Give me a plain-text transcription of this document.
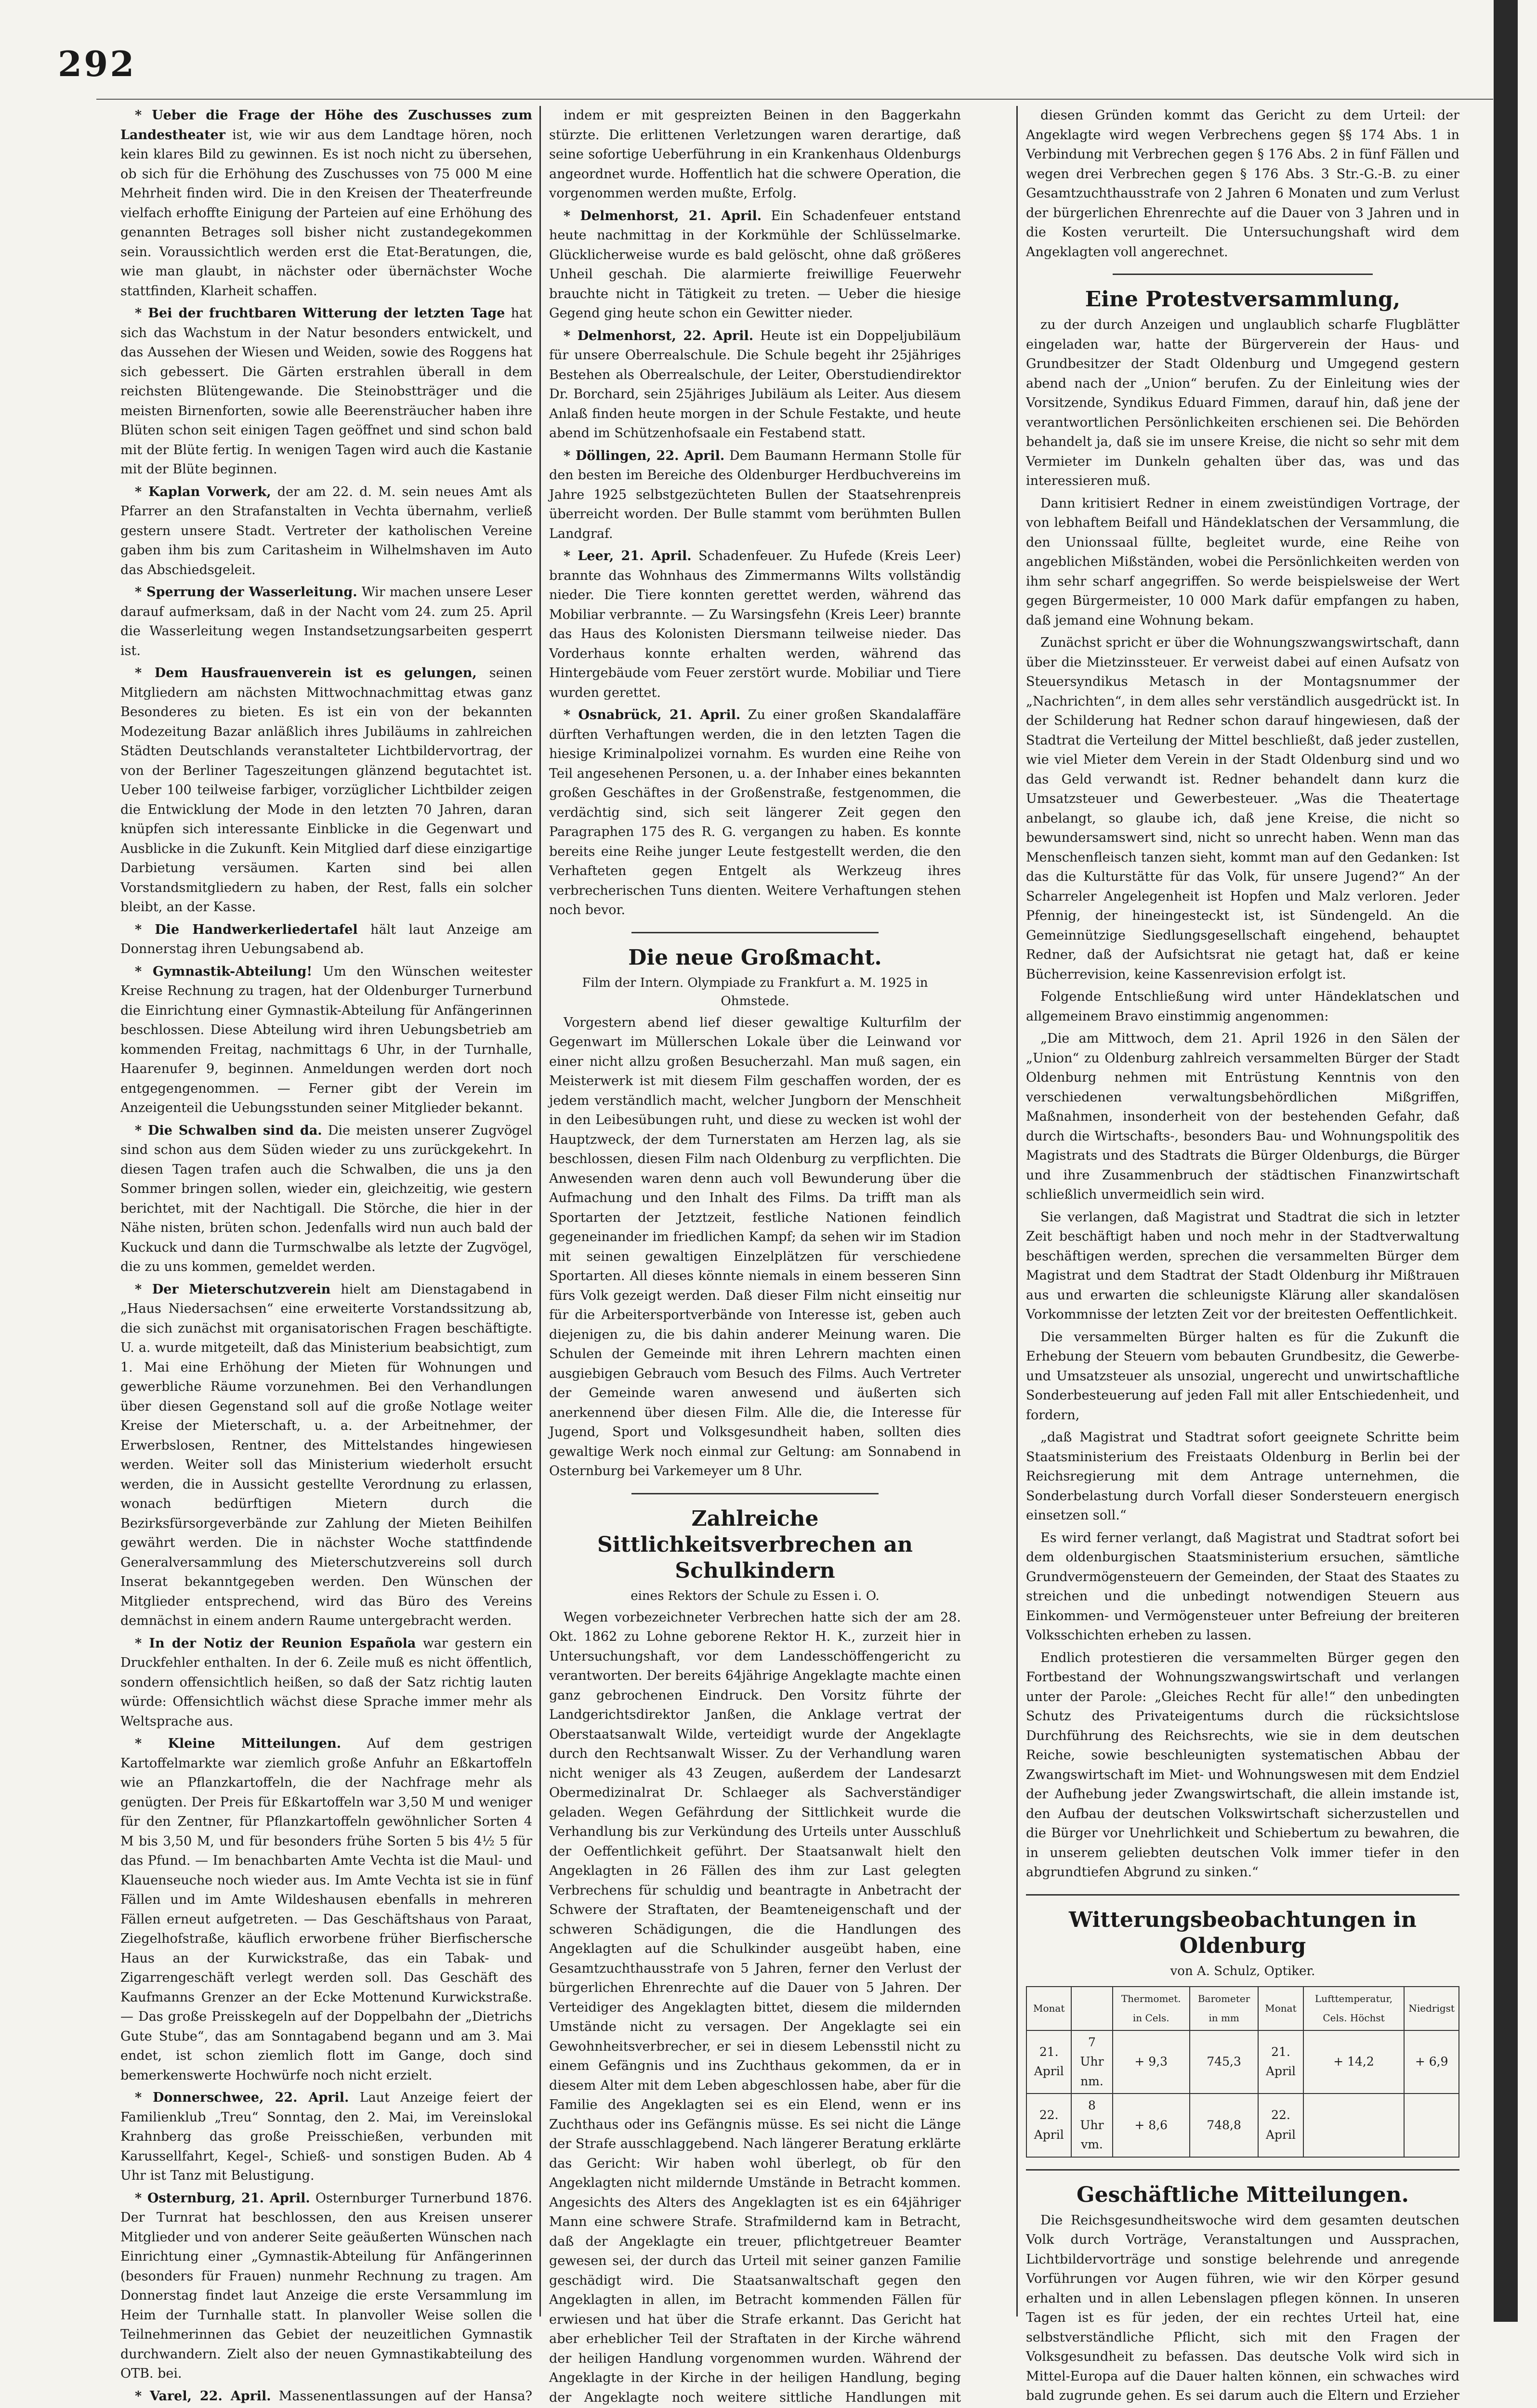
292

* Ueber die Frage der Höhe des Zuschusses zum Landestheater ist, wie wir aus dem Landtage hören, noch kein klares Bild zu gewinnen. Es ist noch nicht zu übersehen, ob sich für die Erhöhung des Zuschusses von 75 000 M eine Mehrheit finden wird. Die in den Kreisen der Theaterfreunde vielfach erhoffte Einigung der Parteien auf eine Erhöhung des genannten Betrages soll bisher nicht zustandegekommen sein. Voraussichtlich werden erst die Etat-Beratungen, die, wie man glaubt, in nächster oder übernächster Woche stattfinden, Klarheit schaffen.

* Bei der fruchtbaren Witterung der letzten Tage hat sich das Wachstum in der Natur besonders entwickelt, und das Aussehen der Wiesen und Weiden, sowie des Roggens hat sich gebessert. Die Gärten erstrahlen überall in dem reichsten Blütengewande. Die Steinobstträger und die meisten Birnenforten, sowie alle Beerensträucher haben ihre Blüten schon seit einigen Tagen geöffnet und sind schon bald mit der Blüte fertig. In wenigen Tagen wird auch die Kastanie mit der Blüte beginnen.

* Kaplan Vorwerk, der am 22. d. M. sein neues Amt als Pfarrer an den Strafanstalten in Vechta übernahm, verließ gestern unsere Stadt. Vertreter der katholischen Vereine gaben ihm bis zum Caritasheim in Wilhelmshaven im Auto das Abschiedsgeleit.

* Sperrung der Wasserleitung. Wir machen unsere Leser darauf aufmerksam, daß in der Nacht vom 24. zum 25. April die Wasserleitung wegen Instandsetzungsarbeiten gesperrt ist.

* Dem Hausfrauenverein ist es gelungen, seinen Mitgliedern am nächsten Mittwochnachmittag etwas ganz Besonderes zu bieten. Es ist ein von der bekannten Modezeitung Bazar anläßlich ihres Jubiläums in zahlreichen Städten Deutschlands veranstalteter Lichtbildervortrag, der von der Berliner Tageszeitungen glänzend begutachtet ist. Ueber 100 teilweise farbiger, vorzüglicher Lichtbilder zeigen die Entwicklung der Mode in den letzten 70 Jahren, daran knüpfen sich interessante Einblicke in die Gegenwart und Ausblicke in die Zukunft. Kein Mitglied darf diese einzigartige Darbietung versäumen. Karten sind bei allen Vorstandsmitgliedern zu haben, der Rest, falls ein solcher bleibt, an der Kasse.

* Die Handwerkerliedertafel hält laut Anzeige am Donnerstag ihren Uebungsabend ab.

* Gymnastik-Abteilung! Um den Wünschen weitester Kreise Rechnung zu tragen, hat der Oldenburger Turnerbund die Einrichtung einer Gymnastik-Abteilung für Anfängerinnen beschlossen. Diese Abteilung wird ihren Uebungsbetrieb am kommenden Freitag, nachmittags 6 Uhr, in der Turnhalle, Haarenufer 9, beginnen. Anmeldungen werden dort noch entgegengenommen. — Ferner gibt der Verein im Anzeigenteil die Uebungsstunden seiner Mitglieder bekannt.

* Die Schwalben sind da. Die meisten unserer Zugvögel sind schon aus dem Süden wieder zu uns zurückgekehrt. In diesen Tagen trafen auch die Schwalben, die uns ja den Sommer bringen sollen, wieder ein, gleichzeitig, wie gestern berichtet, mit der Nachtigall. Die Störche, die hier in der Nähe nisten, brüten schon. Jedenfalls wird nun auch bald der Kuckuck und dann die Turmschwalbe als letzte der Zugvögel, die zu uns kommen, gemeldet werden.

* Der Mieterschutzverein hielt am Dienstagabend in „Haus Niedersachsen“ eine erweiterte Vorstandssitzung ab, die sich zunächst mit organisatorischen Fragen beschäftigte. U. a. wurde mitgeteilt, daß das Ministerium beabsichtigt, zum 1. Mai eine Erhöhung der Mieten für Wohnungen und gewerbliche Räume vorzunehmen. Bei den Verhandlungen über diesen Gegenstand soll auf die große Notlage weiter Kreise der Mieterschaft, u. a. der Arbeitnehmer, der Erwerbslosen, Rentner, des Mittelstandes hingewiesen werden. Weiter soll das Ministerium wiederholt ersucht werden, die in Aussicht gestellte Verordnung zu erlassen, wonach bedürftigen Mietern durch die Bezirksfürsorgeverbände zur Zahlung der Mieten Beihilfen gewährt werden. Die in nächster Woche stattfindende Generalversammlung des Mieterschutzvereins soll durch Inserat bekanntgegeben werden. Den Wünschen der Mitglieder entsprechend, wird das Büro des Vereins demnächst in einem andern Raume untergebracht werden.

* In der Notiz der Reunion Española war gestern ein Druckfehler enthalten. In der 6. Zeile muß es nicht öffentlich, sondern offensichtlich heißen, so daß der Satz richtig lauten würde: Offensichtlich wächst diese Sprache immer mehr als Weltsprache aus.

* Kleine Mitteilungen. Auf dem gestrigen Kartoffelmarkte war ziemlich große Anfuhr an Eßkartoffeln wie an Pflanzkartoffeln, die der Nachfrage mehr als genügten. Der Preis für Eßkartoffeln war 3,50 M und weniger für den Zentner, für Pflanzkartoffeln gewöhnlicher Sorten 4 M bis 3,50 M, und für besonders frühe Sorten 5 bis 4½ 5 für das Pfund. — Im benachbarten Amte Vechta ist die Maul- und Klauenseuche noch wieder aus. Im Amte Vechta ist sie in fünf Fällen und im Amte Wildeshausen ebenfalls in mehreren Fällen erneut aufgetreten. — Das Geschäftshaus von Paraat, Ziegelhofstraße, käuflich erworbene früher Bierfischersche Haus an der Kurwickstraße, das ein Tabak- und Zigarrengeschäft verlegt werden soll. Das Geschäft des Kaufmanns Grenzer an der Ecke Mottenund Kurwickstraße. — Das große Preisskegeln auf der Doppelbahn der „Dietrichs Gute Stube“, das am Sonntagabend begann und am 3. Mai endet, ist schon ziemlich flott im Gange, doch sind bemerkenswerte Hochwürfe noch nicht erzielt.

* Donnerschwee, 22. April. Laut Anzeige feiert der Familienklub „Treu“ Sonntag, den 2. Mai, im Vereinslokal Krahnberg das große Preisschießen, verbunden mit Karussellfahrt, Kegel-, Schieß- und sonstigen Buden. Ab 4 Uhr ist Tanz mit Belustigung.

* Osternburg, 21. April. Osternburger Turnerbund 1876. Der Turnrat hat beschlossen, den aus Kreisen unserer Mitglieder und von anderer Seite geäußerten Wünschen nach Einrichtung einer „Gymnastik-Abteilung für Anfängerinnen (besonders für Frauen) nunmehr Rechnung zu tragen. Am Donnerstag findet laut Anzeige die erste Versammlung im Heim der Turnhalle statt. In planvoller Weise sollen die Teilnehmerinnen das Gebiet der neuzeitlichen Gymnastik durchwandern. Zielt also der neuen Gymnastikabteilung des OTB. bei.

* Varel, 22. April. Massenentlassungen auf der Hansa?

indem er mit gespreizten Beinen in den Baggerkahn stürzte. Die erlittenen Verletzungen waren derartige, daß seine sofortige Ueberführung in ein Krankenhaus Oldenburgs angeordnet wurde. Hoffentlich hat die schwere Operation, die vorgenommen werden mußte, Erfolg.

* Delmenhorst, 21. April. Ein Schadenfeuer entstand heute nachmittag in der Korkmühle der Schlüsselmarke. Glücklicherweise wurde es bald gelöscht, ohne daß größeres Unheil geschah. Die alarmierte freiwillige Feuerwehr brauchte nicht in Tätigkeit zu treten. — Ueber die hiesige Gegend ging heute schon ein Gewitter nieder.

* Delmenhorst, 22. April. Heute ist ein Doppeljubiläum für unsere Oberrealschule. Die Schule begeht ihr 25jähriges Bestehen als Oberrealschule, der Leiter, Oberstudiendirektor Dr. Borchard, sein 25jähriges Jubiläum als Leiter. Aus diesem Anlaß finden heute morgen in der Schule Festakte, und heute abend im Schützenhofsaale ein Festabend statt.

* Döllingen, 22. April. Dem Baumann Hermann Stolle für den besten im Bereiche des Oldenburger Herdbuchvereins im Jahre 1925 selbstgezüchteten Bullen der Staatsehrenpreis überreicht worden. Der Bulle stammt vom berühmten Bullen Landgraf.

* Leer, 21. April. Schadenfeuer. Zu Hufede (Kreis Leer) brannte das Wohnhaus des Zimmermanns Wilts vollständig nieder. Die Tiere konnten gerettet werden, während das Mobiliar verbrannte. — Zu Warsingsfehn (Kreis Leer) brannte das Haus des Kolonisten Diersmann teilweise nieder. Das Vorderhaus konnte erhalten werden, während das Hintergebäude vom Feuer zerstört wurde. Mobiliar und Tiere wurden gerettet.

* Osnabrück, 21. April. Zu einer großen Skandalaffäre dürften Verhaftungen werden, die in den letzten Tagen die hiesige Kriminalpolizei vornahm. Es wurden eine Reihe von Teil angesehenen Personen, u. a. der Inhaber eines bekannten großen Geschäftes in der Großenstraße, festgenommen, die verdächtig sind, sich seit längerer Zeit gegen den Paragraphen 175 des R. G. vergangen zu haben. Es konnte bereits eine Reihe junger Leute festgestellt werden, die den Verhafteten gegen Entgelt als Werkzeug ihres verbrecherischen Tuns dienten. Weitere Verhaftungen stehen noch bevor.

Die neue Großmacht.

Film der Intern. Olympiade zu Frankfurt a. M. 1925 in Ohmstede.

Vorgestern abend lief dieser gewaltige Kulturfilm der Gegenwart im Müllerschen Lokale über die Leinwand vor einer nicht allzu großen Besucherzahl. Man muß sagen, ein Meisterwerk ist mit diesem Film geschaffen worden, der es jedem verständlich macht, welcher Jungborn der Menschheit in den Leibesübungen ruht, und diese zu wecken ist wohl der Hauptzweck, der dem Turnerstaten am Herzen lag, als sie beschlossen, diesen Film nach Oldenburg zu verpflichten. Die Anwesenden waren denn auch voll Bewunderung über die Aufmachung und den Inhalt des Films. Da trifft man als Sportarten der Jetztzeit, festliche Nationen feindlich gegeneinander im friedlichen Kampf; da sehen wir im Stadion mit seinen gewaltigen Einzelplätzen für verschiedene Sportarten. All dieses könnte niemals in einem besseren Sinn fürs Volk gezeigt werden. Daß dieser Film nicht einseitig nur für die Arbeitersportverbände von Interesse ist, geben auch diejenigen zu, die bis dahin anderer Meinung waren. Die Schulen der Gemeinde mit ihren Lehrern machten einen ausgiebigen Gebrauch vom Besuch des Films. Auch Vertreter der Gemeinde waren anwesend und äußerten sich anerkennend über diesen Film. Alle die, die Interesse für Jugend, Sport und Volksgesundheit haben, sollten dies gewaltige Werk noch einmal zur Geltung: am Sonnabend in Osternburg bei Varkemeyer um 8 Uhr.

Zahlreiche Sittlichkeitsverbrechen an Schulkindern

eines Rektors der Schule zu Essen i. O.

Wegen vorbezeichneter Verbrechen hatte sich der am 28. Okt. 1862 zu Lohne geborene Rektor H. K., zurzeit hier in Untersuchungshaft, vor dem Landesschöffengericht zu verantworten. Der bereits 64jährige Angeklagte machte einen ganz gebrochenen Eindruck. Den Vorsitz führte der Landgerichtsdirektor Janßen, die Anklage vertrat der Oberstaatsanwalt Wilde, verteidigt wurde der Angeklagte durch den Rechtsanwalt Wisser. Zu der Verhandlung waren nicht weniger als 43 Zeugen, außerdem der Landesarzt Obermedizinalrat Dr. Schlaeger als Sachverständiger geladen. Wegen Gefährdung der Sittlichkeit wurde die Verhandlung bis zur Verkündung des Urteils unter Ausschluß der Oeffentlichkeit geführt. Der Staatsanwalt hielt den Angeklagten in 26 Fällen des ihm zur Last gelegten Verbrechens für schuldig und beantragte in Anbetracht der Schwere der Straftaten, der Beamteneigenschaft und der schweren Schädigungen, die die Handlungen des Angeklagten auf die Schulkinder ausgeübt haben, eine Gesamtzuchthausstrafe von 5 Jahren, ferner den Verlust der bürgerlichen Ehrenrechte auf die Dauer von 5 Jahren. Der Verteidiger des Angeklagten bittet, diesem die mildernden Umstände nicht zu versagen. Der Angeklagte sei ein Gewohnheitsverbrecher, er sei in diesem Lebensstil nicht zu einem Gefängnis und ins Zuchthaus gekommen, da er in diesem Alter mit dem Leben abgeschlossen habe, aber für die Familie des Angeklagten sei es ein Elend, wenn er ins Zuchthaus oder ins Gefängnis müsse. Es sei nicht die Länge der Strafe ausschlaggebend. Nach längerer Beratung erklärte das Gericht: Wir haben wohl überlegt, ob für den Angeklagten nicht mildernde Umstände in Betracht kommen. Angesichts des Alters des Angeklagten ist es ein 64jähriger Mann eine schwere Strafe. Strafmildernd kam in Betracht, daß der Angeklagte ein treuer, pflichtgetreuer Beamter gewesen sei, der durch das Urteil mit seiner ganzen Familie geschädigt wird. Die Staatsanwaltschaft gegen den Angeklagten in allen, im Betracht kommenden Fällen für erwiesen und hat über die Strafe erkannt. Das Gericht hat aber erheblicher Teil der Straftaten in der Kirche während der heiligen Handlung vorgenommen wurden. Während der Angeklagte in der Kirche in der heiligen Handlung, beging der Angeklagte noch weitere sittliche Handlungen mit

diesen Gründen kommt das Gericht zu dem Urteil: der Angeklagte wird wegen Verbrechens gegen §§ 174 Abs. 1 in Verbindung mit Verbrechen gegen § 176 Abs. 2 in fünf Fällen und wegen drei Verbrechen gegen § 176 Abs. 3 Str.-G.-B. zu einer Gesamtzuchthausstrafe von 2 Jahren 6 Monaten und zum Verlust der bürgerlichen Ehrenrechte auf die Dauer von 3 Jahren und in die Kosten verurteilt. Die Untersuchungshaft wird dem Angeklagten voll angerechnet.

Eine Protestversammlung,

zu der durch Anzeigen und unglaublich scharfe Flugblätter eingeladen war, hatte der Bürgerverein der Haus- und Grundbesitzer der Stadt Oldenburg und Umgegend gestern abend nach der „Union“ berufen. Zu der Einleitung wies der Vorsitzende, Syndikus Eduard Fimmen, darauf hin, daß jene der verantwortlichen Persönlichkeiten erschienen sei. Die Behörden behandelt ja, daß sie im unsere Kreise, die nicht so sehr mit dem Vermieter im Dunkeln gehalten über das, was und das interessieren muß.

Dann kritisiert Redner in einem zweistündigen Vortrage, der von lebhaftem Beifall und Händeklatschen der Versammlung, die den Unionssaal füllte, begleitet wurde, eine Reihe von angeblichen Mißständen, wobei die Persönlichkeiten werden von ihm sehr scharf angegriffen. So werde beispielsweise der Wert gegen Bürgermeister, 10 000 Mark dafür empfangen zu haben, daß jemand eine Wohnung bekam.

Zunächst spricht er über die Wohnungszwangswirtschaft, dann über die Mietzinssteuer. Er verweist dabei auf einen Aufsatz von Steuersyndikus Metasch in der Montagsnummer der „Nachrichten“, in dem alles sehr verständlich ausgedrückt ist. In der Schilderung hat Redner schon darauf hingewiesen, daß der Stadtrat die Verteilung der Mittel beschließt, daß jeder zustellen, wie viel Mieter dem Verein in der Stadt Oldenburg sind und wo das Geld verwandt ist. Redner behandelt dann kurz die Umsatzsteuer und Gewerbesteuer. „Was die Theatertage anbelangt, so glaube ich, daß jene Kreise, die nicht so bewundersamswert sind, nicht so unrecht haben. Wenn man das Menschenfleisch tanzen sieht, kommt man auf den Gedanken: Ist das die Kulturstätte für das Volk, für unsere Jugend?“ An der Scharreler Angelegenheit ist Hopfen und Malz verloren. Jeder Pfennig, der hineingesteckt ist, ist Sündengeld. An die Gemeinnützige Siedlungsgesellschaft eingehend, behauptet Redner, daß der Aufsichtsrat nie getagt hat, daß er keine Bücherrevision, keine Kassenrevision erfolgt ist.

Folgende Entschließung wird unter Händeklatschen und allgemeinem Bravo einstimmig angenommen:

„Die am Mittwoch, dem 21. April 1926 in den Sälen der „Union“ zu Oldenburg zahlreich versammelten Bürger der Stadt Oldenburg nehmen mit Entrüstung Kenntnis von den verschiedenen verwaltungsbehördlichen Mißgriffen, Maßnahmen, insonderheit von der bestehenden Gefahr, daß durch die Wirtschafts-, besonders Bau- und Wohnungspolitik des Magistrats und des Stadtrats die Bürger Oldenburgs, die Bürger und ihre Zusammenbruch der städtischen Finanzwirtschaft schließlich unvermeidlich sein wird.

Sie verlangen, daß Magistrat und Stadtrat die sich in letzter Zeit beschäftigt haben und noch mehr in der Stadtverwaltung beschäftigen werden, sprechen die versammelten Bürger dem Magistrat und dem Stadtrat der Stadt Oldenburg ihr Mißtrauen aus und erwarten die schleunigste Klärung aller skandalösen Vorkommnisse der letzten Zeit vor der breitesten Oeffentlichkeit.

Die versammelten Bürger halten es für die Zukunft die Erhebung der Steuern vom bebauten Grundbesitz, die Gewerbe- und Umsatzsteuer als unsozial, ungerecht und unwirtschaftliche Sonderbesteuerung auf jeden Fall mit aller Entschiedenheit, und fordern,

„daß Magistrat und Stadtrat sofort geeignete Schritte beim Staatsministerium des Freistaats Oldenburg in Berlin bei der Reichsregierung mit dem Antrage unternehmen, die Sonderbelastung durch Vorfall dieser Sondersteuern energisch einsetzen soll.“

Es wird ferner verlangt, daß Magistrat und Stadtrat sofort bei dem oldenburgischen Staatsministerium ersuchen, sämtliche Grundvermögensteuern der Gemeinden, der Staat des Staates zu streichen und die unbedingt notwendigen Steuern aus Einkommen- und Vermögensteuer unter Befreiung der breiteren Volksschichten erheben zu lassen.

Endlich protestieren die versammelten Bürger gegen den Fortbestand der Wohnungszwangswirtschaft und verlangen unter der Parole: „Gleiches Recht für alle!“ den unbedingten Schutz des Privateigentums durch die rücksichtslose Durchführung des Reichsrechts, wie sie in dem deutschen Reiche, sowie beschleunigten systematischen Abbau der Zwangswirtschaft im Miet- und Wohnungswesen mit dem Endziel der Aufhebung jeder Zwangswirtschaft, die allein imstande ist, den Aufbau der deutschen Volkswirtschaft sicherzustellen und die Bürger vor Unehrlichkeit und Schiebertum zu bewahren, die in unserem geliebten deutschen Volk immer tiefer in den abgrundtiefen Abgrund zu sinken.“

Witterungsbeobachtungen in Oldenburg

von A. Schulz, Optiker.

Monat		Thermomet. in Cels.	Barometer in mm	Monat	Lufttemperatur, Cels. Höchst	Niedrigst
21. April	7 Uhr nm.	+ 9,3	745,3	21. April	+ 14,2	+ 6,9
22. April	8 Uhr vm.	+ 8,6	748,8	22. April		

Geschäftliche Mitteilungen.

Die Reichsgesundheitswoche wird dem gesamten deutschen Volk durch Vorträge, Veranstaltungen und Aussprachen, Lichtbildervorträge und sonstige belehrende und anregende Vorführungen vor Augen führen, wie wir den Körper gesund erhalten und in allen Lebenslagen pflegen können. In unseren Tagen ist es für jeden, der ein rechtes Urteil hat, eine selbstverständliche Pflicht, sich mit den Fragen der Volksgesundheit zu befassen. Das deutsche Volk wird sich in Mittel-Europa auf die Dauer halten können, ein schwaches wird bald zugrunde gehen. Es sei darum auch die Eltern und Erzieher
